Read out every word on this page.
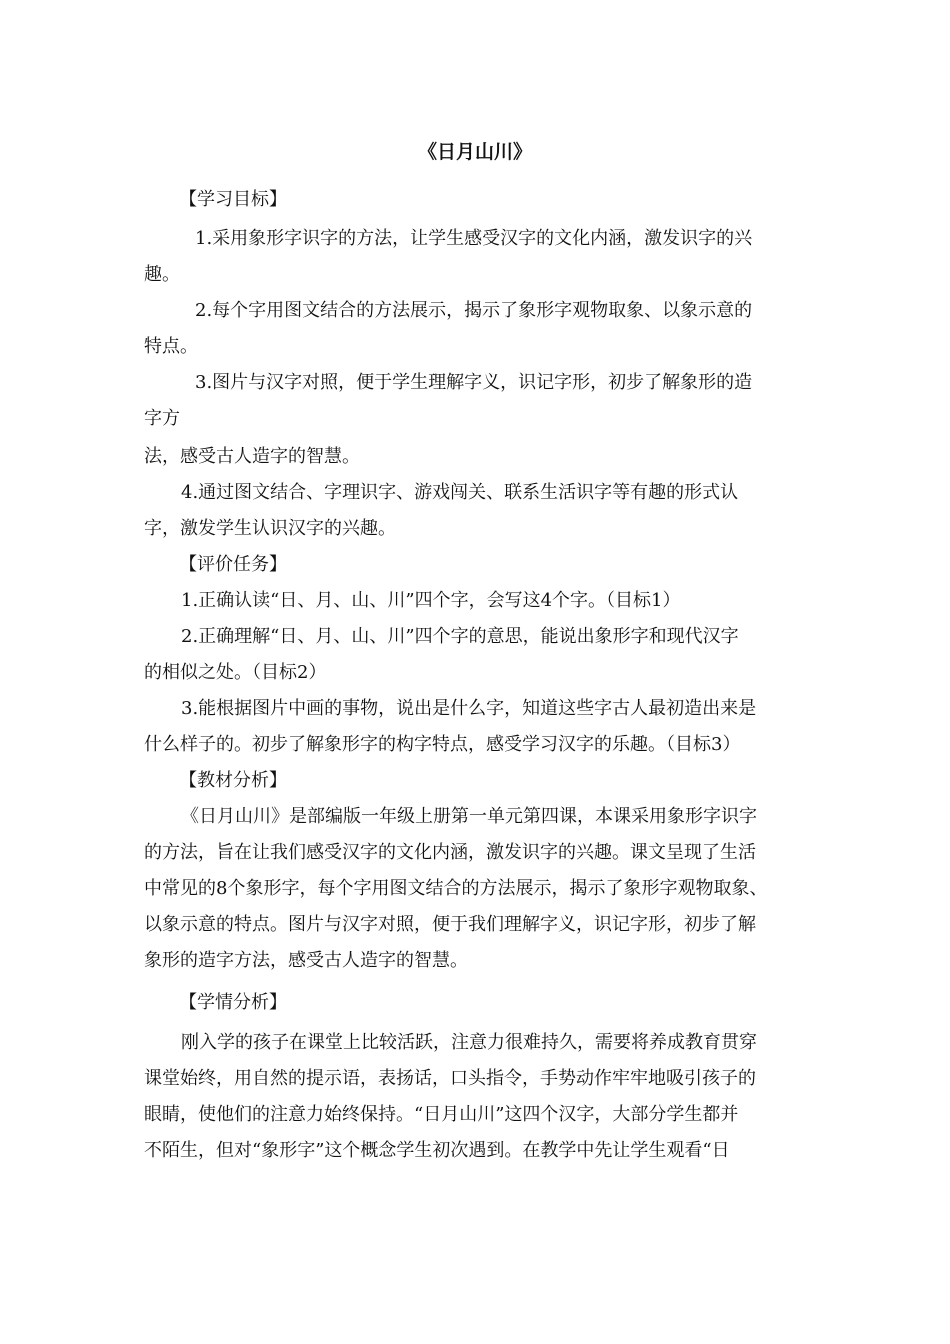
《日月山川》

【学习目标】

1.采用象形字识字的方法，让学生感受汉字的文化内涵，激发识字的兴

趣。

2.每个字用图文结合的方法展示，揭示了象形字观物取象、以象示意的

特点。

3.图片与汉字对照，便于学生理解字义，识记字形，初步了解象形的造

字方

法，感受古人造字的智慧。

4.通过图文结合、字理识字、游戏闯关、联系生活识字等有趣的形式认

字，激发学生认识汉字的兴趣。

【评价任务】

1.正确认读“日、月、山、川”四个字，会写这4个字。（目标1）

2.正确理解“日、月、山、川”四个字的意思，能说出象形字和现代汉字

的相似之处。（目标2）

3.能根据图片中画的事物，说出是什么字，知道这些字古人最初造出来是

什么样子的。初步了解象形字的构字特点，感受学习汉字的乐趣。（目标3）

【教材分析】

《日月山川》是部编版一年级上册第一单元第四课，本课采用象形字识字

的方法，旨在让我们感受汉字的文化内涵，激发识字的兴趣。课文呈现了生活

中常见的8个象形字，每个字用图文结合的方法展示，揭示了象形字观物取象、

以象示意的特点。图片与汉字对照，便于我们理解字义，识记字形，初步了解

象形的造字方法，感受古人造字的智慧。

【学情分析】

刚入学的孩子在课堂上比较活跃，注意力很难持久，需要将养成教育贯穿

课堂始终，用自然的提示语，表扬话，口头指令，手势动作牢牢地吸引孩子的

眼睛，使他们的注意力始终保持。“日月山川”这四个汉字，大部分学生都并

不陌生，但对“象形字”这个概念学生初次遇到。在教学中先让学生观看“日
